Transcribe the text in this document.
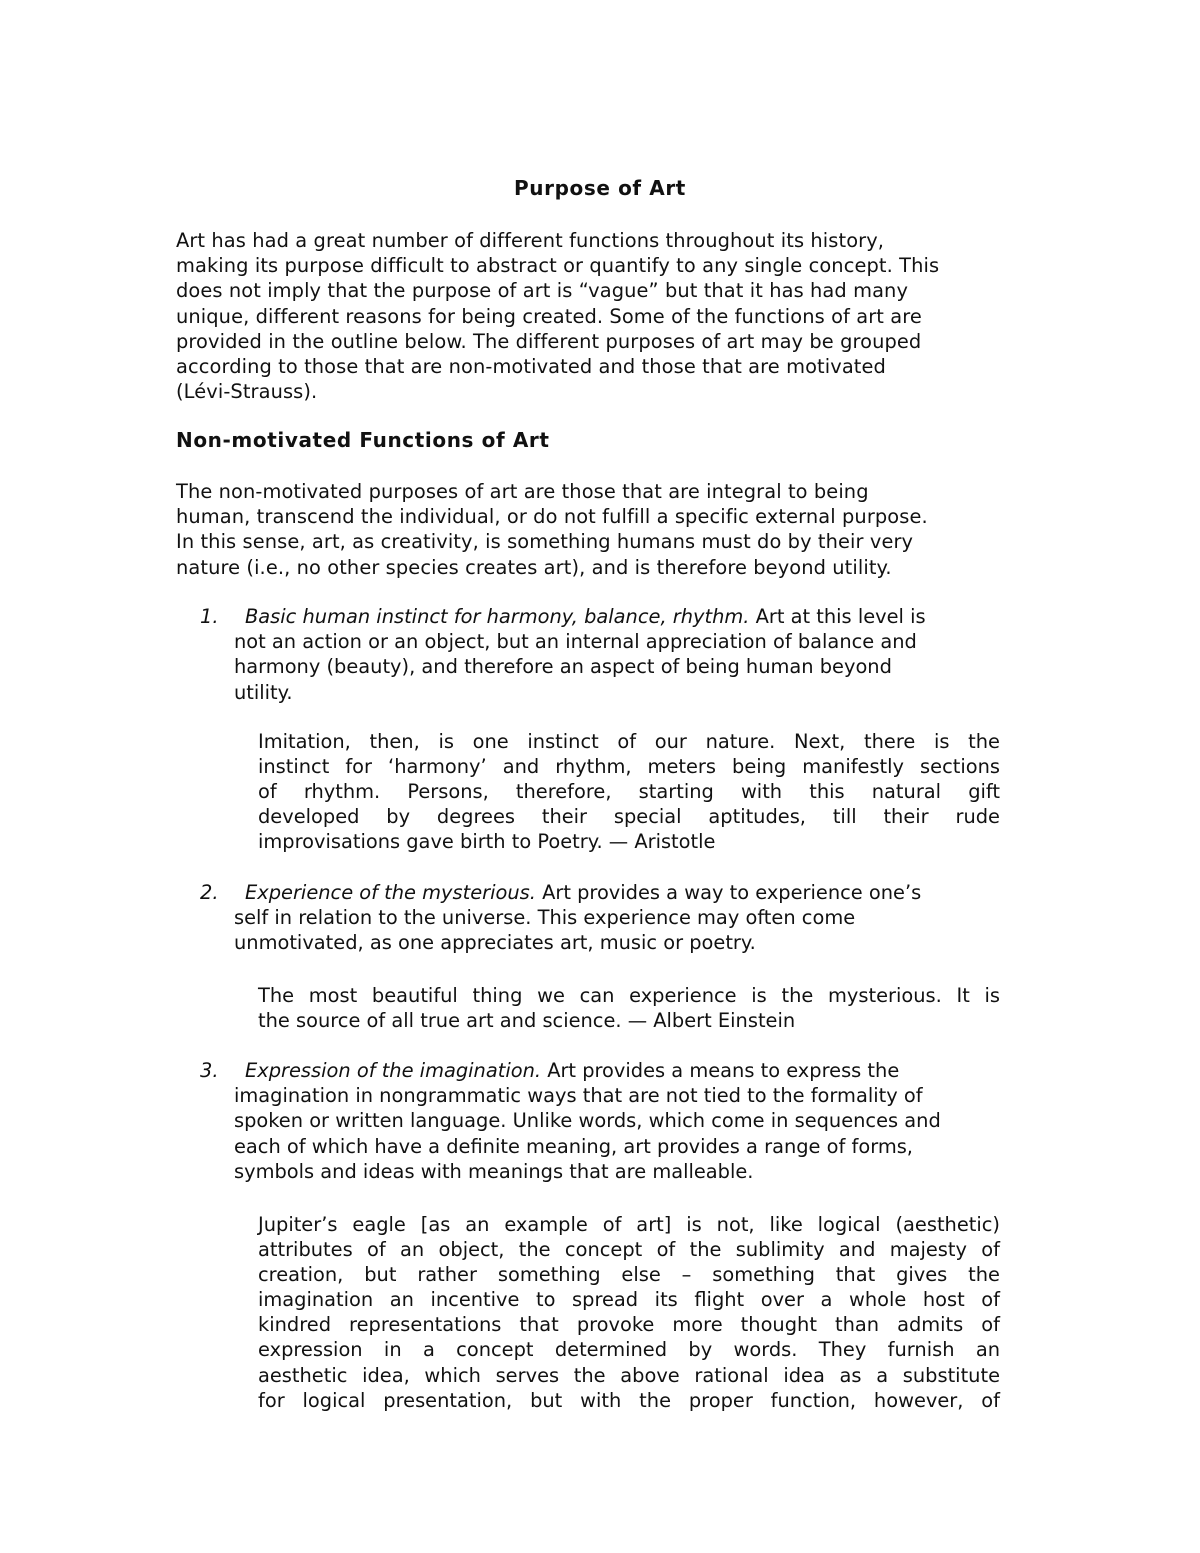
Purpose of Art

Art has had a great number of different functions throughout its history,
making its purpose difficult to abstract or quantify to any single concept. This
does not imply that the purpose of art is “vague” but that it has had many
unique, different reasons for being created. Some of the functions of art are
provided in the outline below. The different purposes of art may be grouped
according to those that are non-motivated and those that are motivated
(Lévi-Strauss).

Non-motivated Functions of Art

The non-motivated purposes of art are those that are integral to being
human, transcend the individual, or do not fulfill a specific external purpose.
In this sense, art, as creativity, is something humans must do by their very
nature (i.e., no other species creates art), and is therefore beyond utility.

1.	Basic human instinct for harmony, balance, rhythm. Art at this level is
not an action or an object, but an internal appreciation of balance and
harmony (beauty), and therefore an aspect of being human beyond
utility.

Imitation, then, is one instinct of our nature. Next, there is the
instinct for ‘harmony’ and rhythm, meters being manifestly sections
of rhythm. Persons, therefore, starting with this natural gift
developed by degrees their special aptitudes, till their rude
improvisations gave birth to Poetry. — Aristotle
2.	Experience of the mysterious. Art provides a way to experience one’s
self in relation to the universe. This experience may often come
unmotivated, as one appreciates art, music or poetry.

The most beautiful thing we can experience is the mysterious. It is
the source of all true art and science. — Albert Einstein
3.	Expression of the imagination. Art provides a means to express the
imagination in nongrammatic ways that are not tied to the formality of
spoken or written language. Unlike words, which come in sequences and
each of which have a definite meaning, art provides a range of forms,
symbols and ideas with meanings that are malleable.

Jupiter’s eagle [as an example of art] is not, like logical (aesthetic)
attributes of an object, the concept of the sublimity and majesty of
creation, but rather something else – something that gives the
imagination an incentive to spread its flight over a whole host of
kindred representations that provoke more thought than admits of
expression in a concept determined by words. They furnish an
aesthetic idea, which serves the above rational idea as a substitute
for logical presentation, but with the proper function, however, of
